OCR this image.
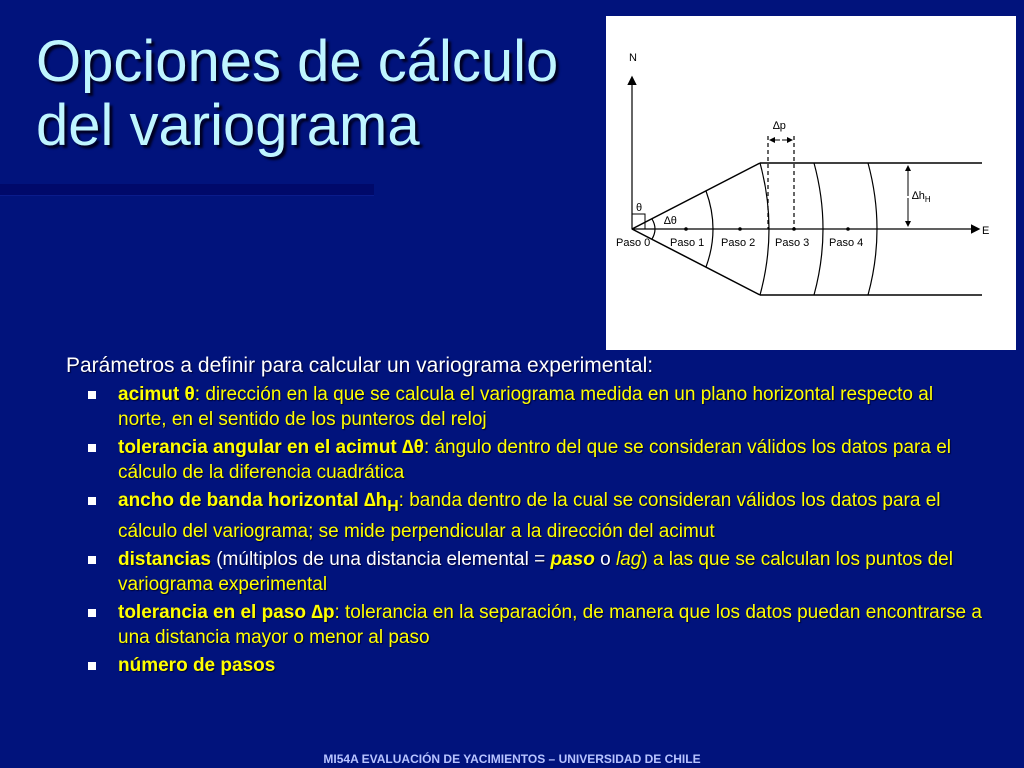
Opciones de cálculo
del variograma
N
E
∆p
$\Delta h_H$
θ
∆θ
Paso 0 Paso 1 Paso 2 Paso 3 Paso 4
Parámetros a definir para calcular un variograma experimental:
acimut θ: dirección en la que se calcula el variograma medida en un plano horizontal respecto al norte, en el sentido de los punteros del reloj
tolerancia angular en el acimut ∆θ: ángulo dentro del que se consideran válidos los datos para el cálculo de la diferencia cuadrática
ancho de banda horizontal $\Delta h_H$: banda dentro de la cual se consideran válidos los datos para el cálculo del variograma; se mide perpendicular a la dirección del acimut
distancias (múltiplos de una distancia elemental = paso o lag) a las que se calculan los puntos del variograma experimental
tolerancia en el paso ∆p: tolerancia en la separación, de manera que los datos puedan encontrarse a una distancia mayor o menor al paso
número de pasos
MI54A EVALUACIÓN DE YACIMIENTOS – UNIVERSIDAD DE CHILE
